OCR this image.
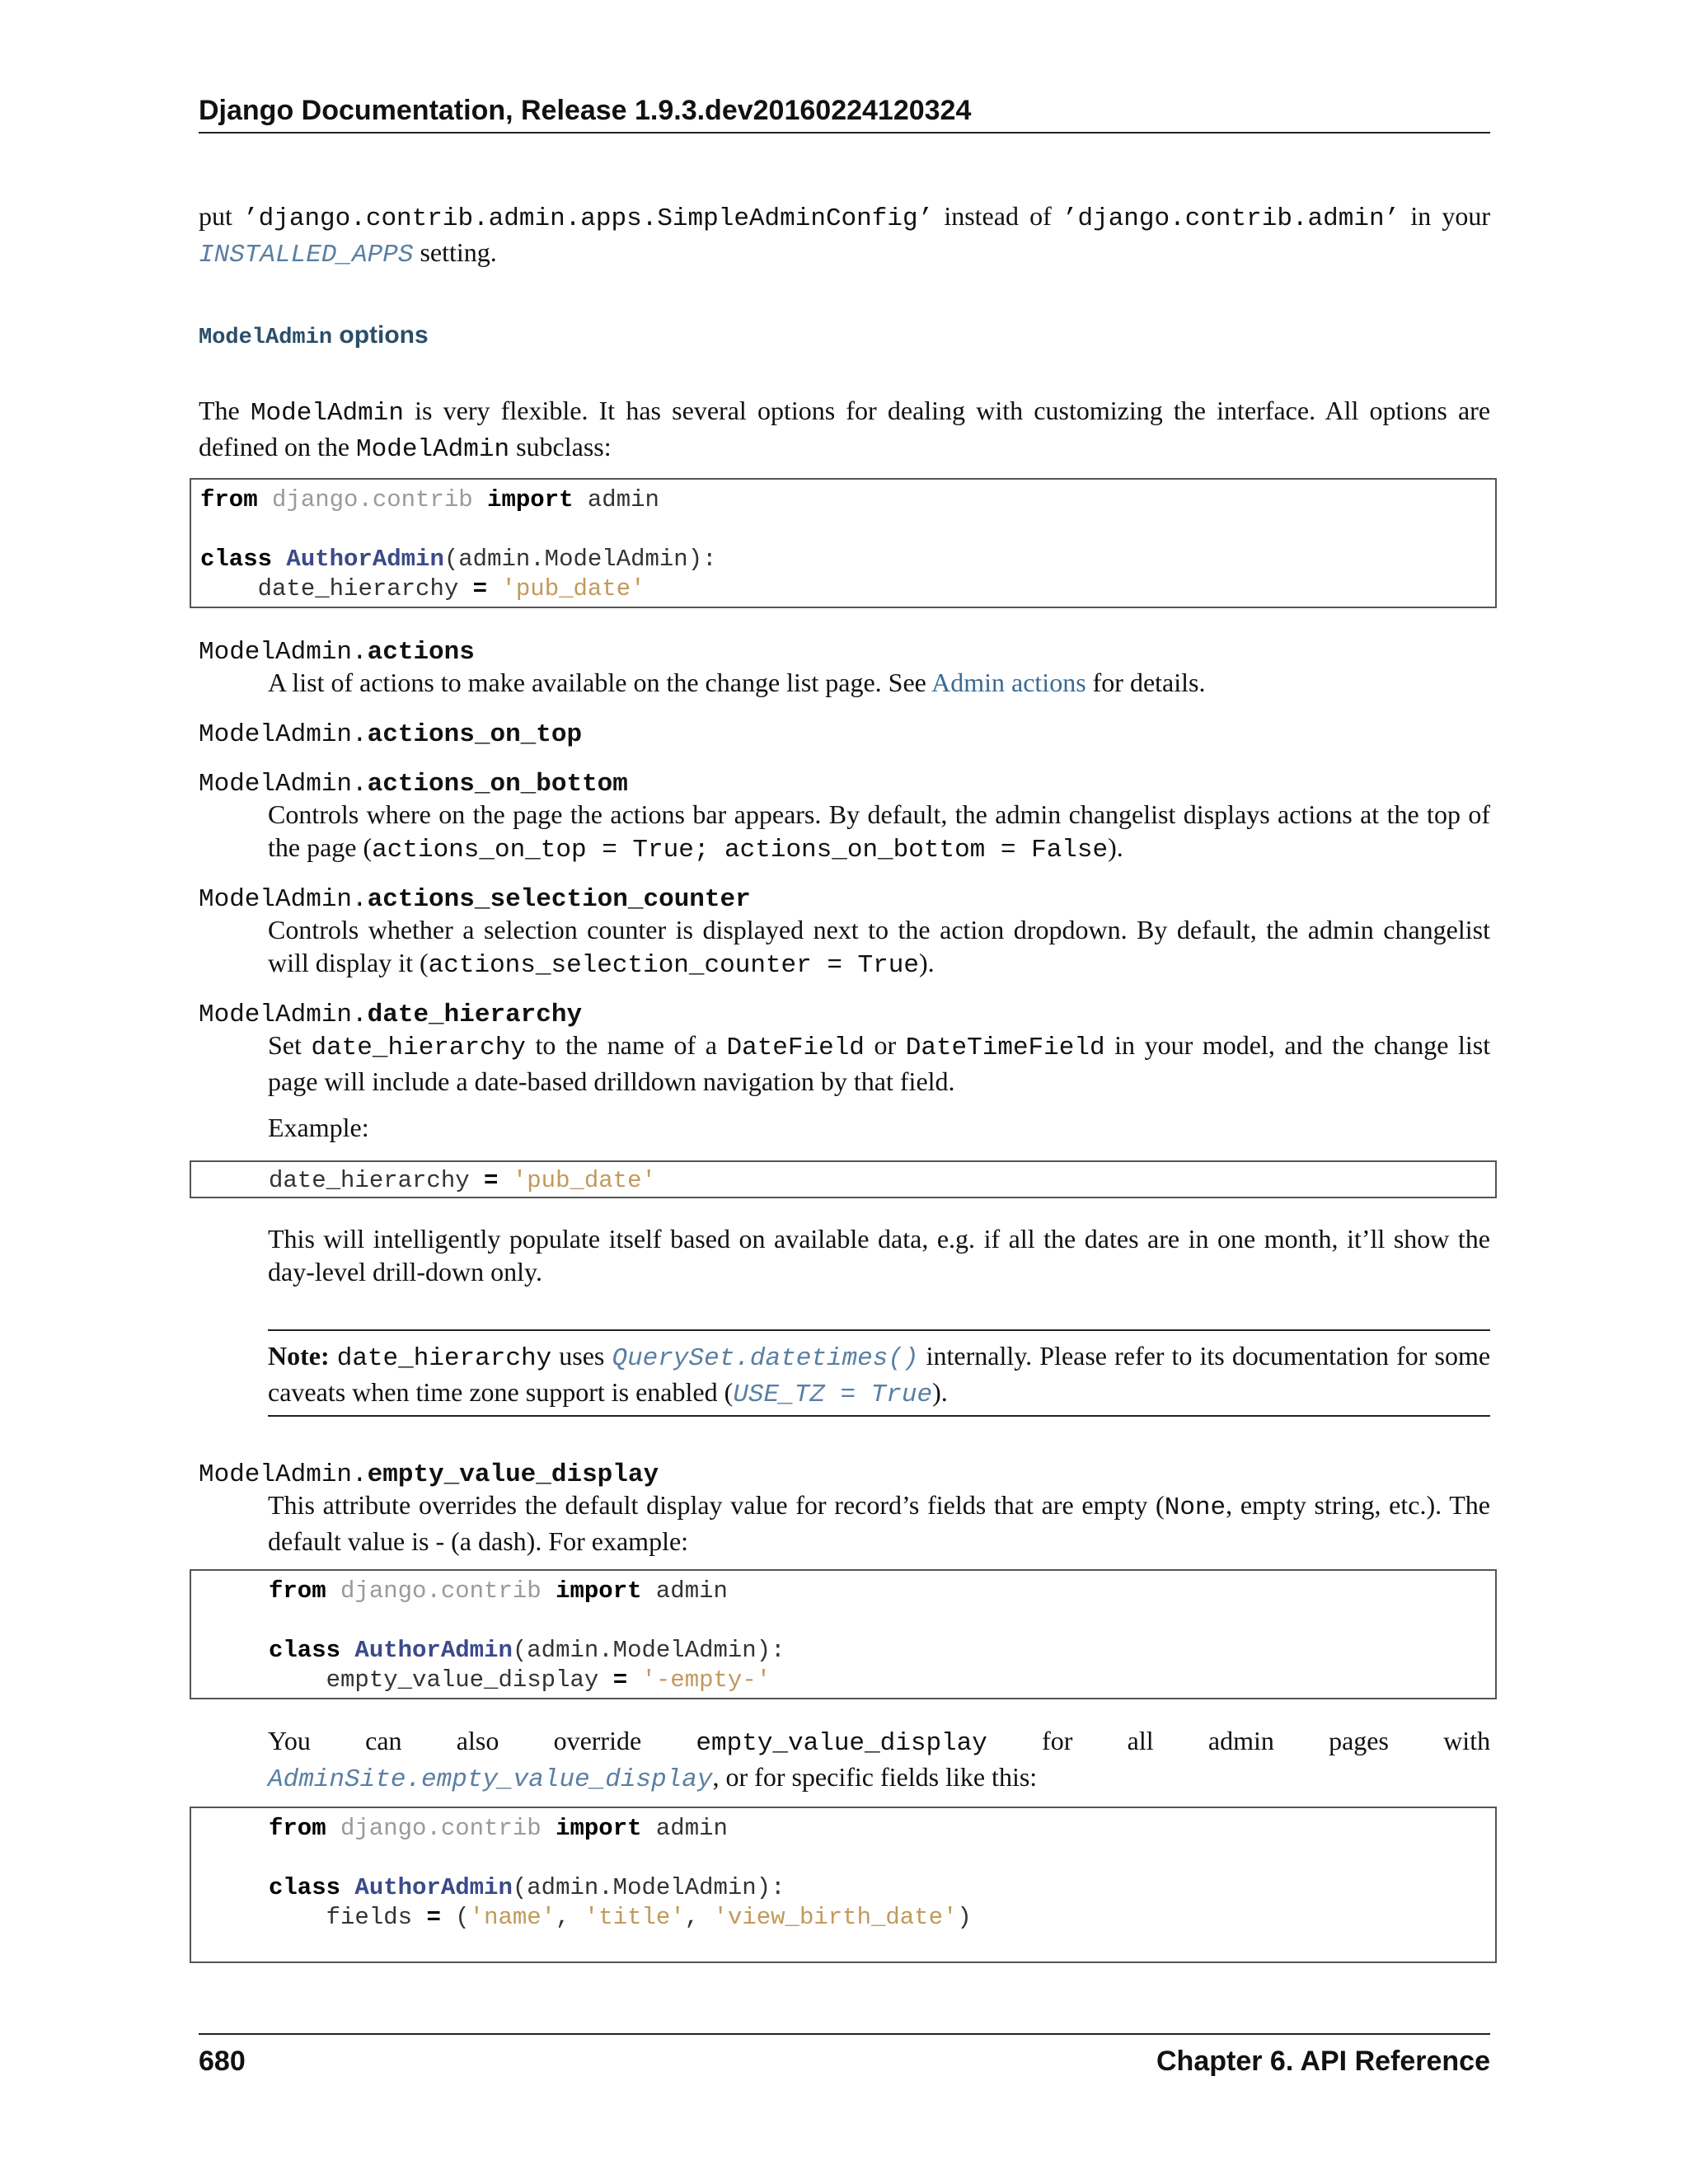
Django Documentation, Release 1.9.3.dev20160224120324
put ’django.contrib.admin.apps.SimpleAdminConfig’ instead of ’django.contrib.admin’ in your INSTALLED_APPS setting.
ModelAdmin options
The ModelAdmin is very flexible. It has several options for dealing with customizing the interface. All options are defined on the ModelAdmin subclass:
from django.contrib import admin

class AuthorAdmin(admin.ModelAdmin):
date_hierarchy = 'pub_date'
ModelAdmin.actions
A list of actions to make available on the change list page. See Admin actions for details.
ModelAdmin.actions_on_top
ModelAdmin.actions_on_bottom
Controls where on the page the actions bar appears. By default, the admin changelist displays actions at the top of the page (actions_on_top = True; actions_on_bottom = False).
ModelAdmin.actions_selection_counter
Controls whether a selection counter is displayed next to the action dropdown. By default, the admin changelist will display it (actions_selection_counter = True).
ModelAdmin.date_hierarchy
Set date_hierarchy to the name of a DateField or DateTimeField in your model, and the change list page will include a date-based drilldown navigation by that field.
Example:
date_hierarchy = 'pub_date'
This will intelligently populate itself based on available data, e.g. if all the dates are in one month, it’ll show the day-level drill-down only.
Note: date_hierarchy uses QuerySet.datetimes() internally. Please refer to its documentation for some caveats when time zone support is enabled (USE_TZ = True).
ModelAdmin.empty_value_display
This attribute overrides the default display value for record’s fields that are empty (None, empty string, etc.). The default value is - (a dash). For example:
from django.contrib import admin

class AuthorAdmin(admin.ModelAdmin):
empty_value_display = '-empty-'
You can also override empty_value_display for all admin pages with
AdminSite.empty_value_display, or for specific fields like this:
from django.contrib import admin

class AuthorAdmin(admin.ModelAdmin):
fields = ('name', 'title', 'view_birth_date')
680	Chapter 6. API Reference
